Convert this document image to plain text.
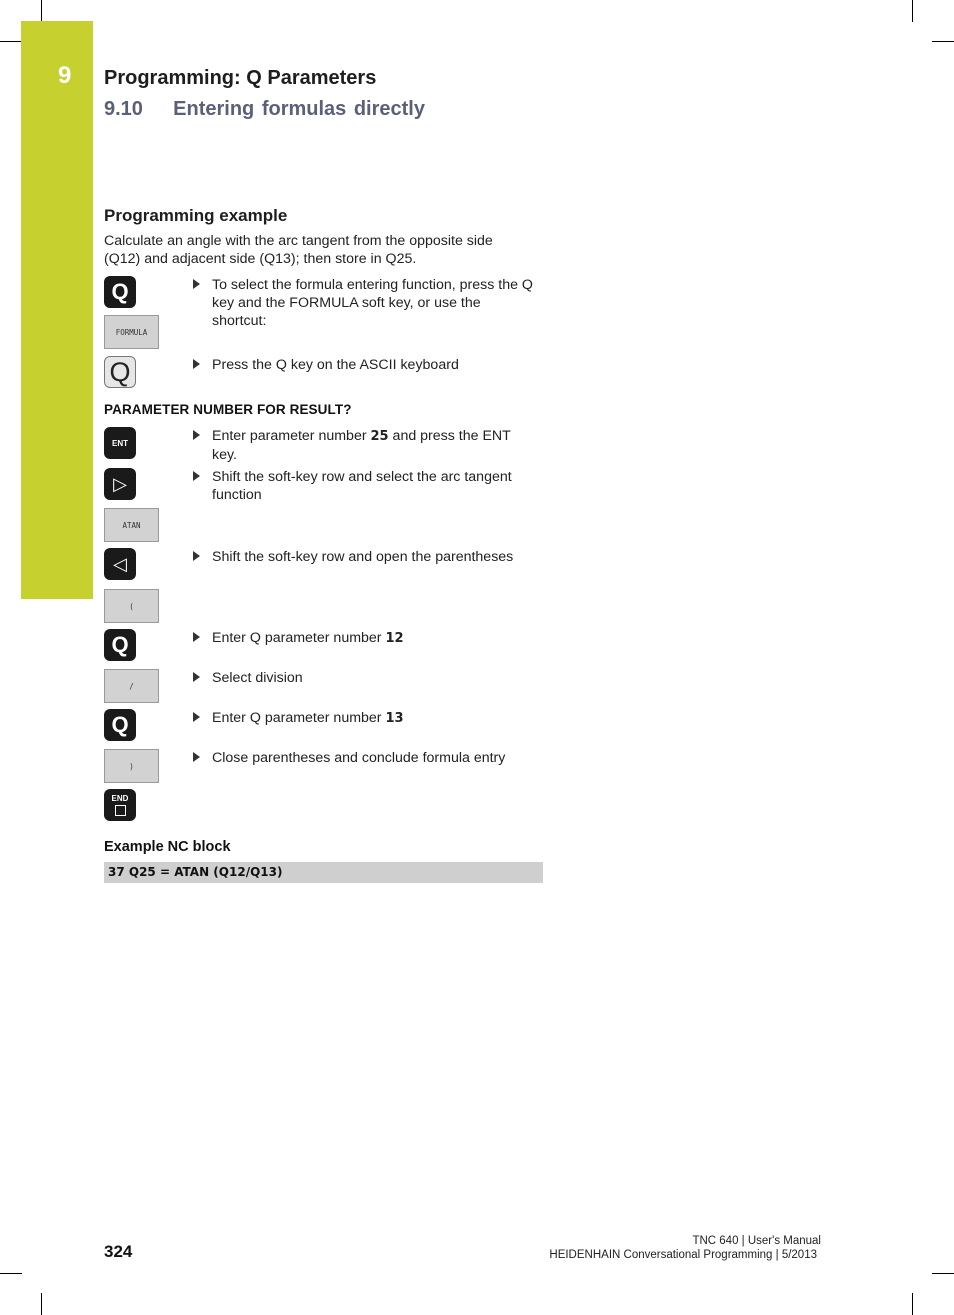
9 Programming: Q Parameters
9.10    Entering formulas directly
Programming example
Calculate an angle with the arc tangent from the opposite side (Q12) and adjacent side (Q13); then store in Q25.
Q
FORMULA
Q
PARAMETER NUMBER FOR RESULT?
ENT
▷
ATAN
◁
(
Q
/
Q
)
END
To select the formula entering function, press the Q key and the FORMULA soft key, or use the shortcut:
Press the Q key on the ASCII keyboard
Enter parameter number 25 and press the ENT key.
Shift the soft-key row and select the arc tangent function
Shift the soft-key row and open the parentheses
Enter Q parameter number 12
Select division
Enter Q parameter number 13
Close parentheses and conclude formula entry
Example NC block
37 Q25 = ATAN (Q12/Q13)
324
TNC 640 | User's Manual
HEIDENHAIN Conversational Programming | 5/2013
